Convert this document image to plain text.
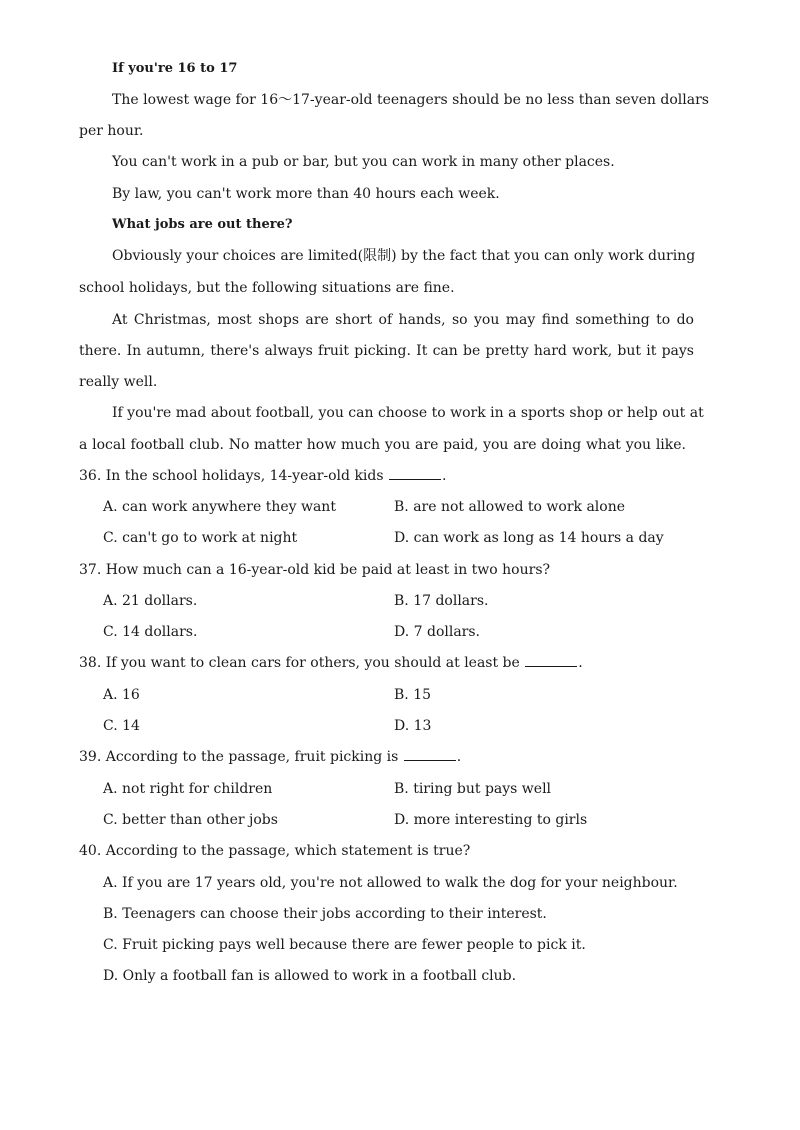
If you're 16 to 17
The lowest wage for 16～17-year-old teenagers should be no less than seven dollars
per hour.
You can't work in a pub or bar, but you can work in many other places.
By law, you can't work more than 40 hours each week.
What jobs are out there?
Obviously your choices are limited(限制) by the fact that you can only work during
school holidays, but the following situations are fine.
At Christmas, most shops are short of hands, so you may find something to do
there. In autumn, there's always fruit picking. It can be pretty hard work, but it pays
really well.
If you're mad about football, you can choose to work in a sports shop or help out at
a local football club. No matter how much you are paid, you are doing what you like.
36. In the school holidays, 14-year-old kids	.
A. can work anywhere they want	B. are not allowed to work alone
C. can't go to work at night	D. can work as long as 14 hours a day
37. How much can a 16-year-old kid be paid at least in two hours?
A. 21 dollars.	B. 17 dollars.
C. 14 dollars.	D. 7 dollars.
38. If you want to clean cars for others, you should at least be	.
A. 16	B. 15
C. 14	D. 13
39. According to the passage, fruit picking is	.
A. not right for children	B. tiring but pays well
C. better than other jobs	D. more interesting to girls
40. According to the passage, which statement is true?
A. If you are 17 years old, you're not allowed to walk the dog for your neighbour.
B. Teenagers can choose their jobs according to their interest.
C. Fruit picking pays well because there are fewer people to pick it.
D. Only a football fan is allowed to work in a football club.
